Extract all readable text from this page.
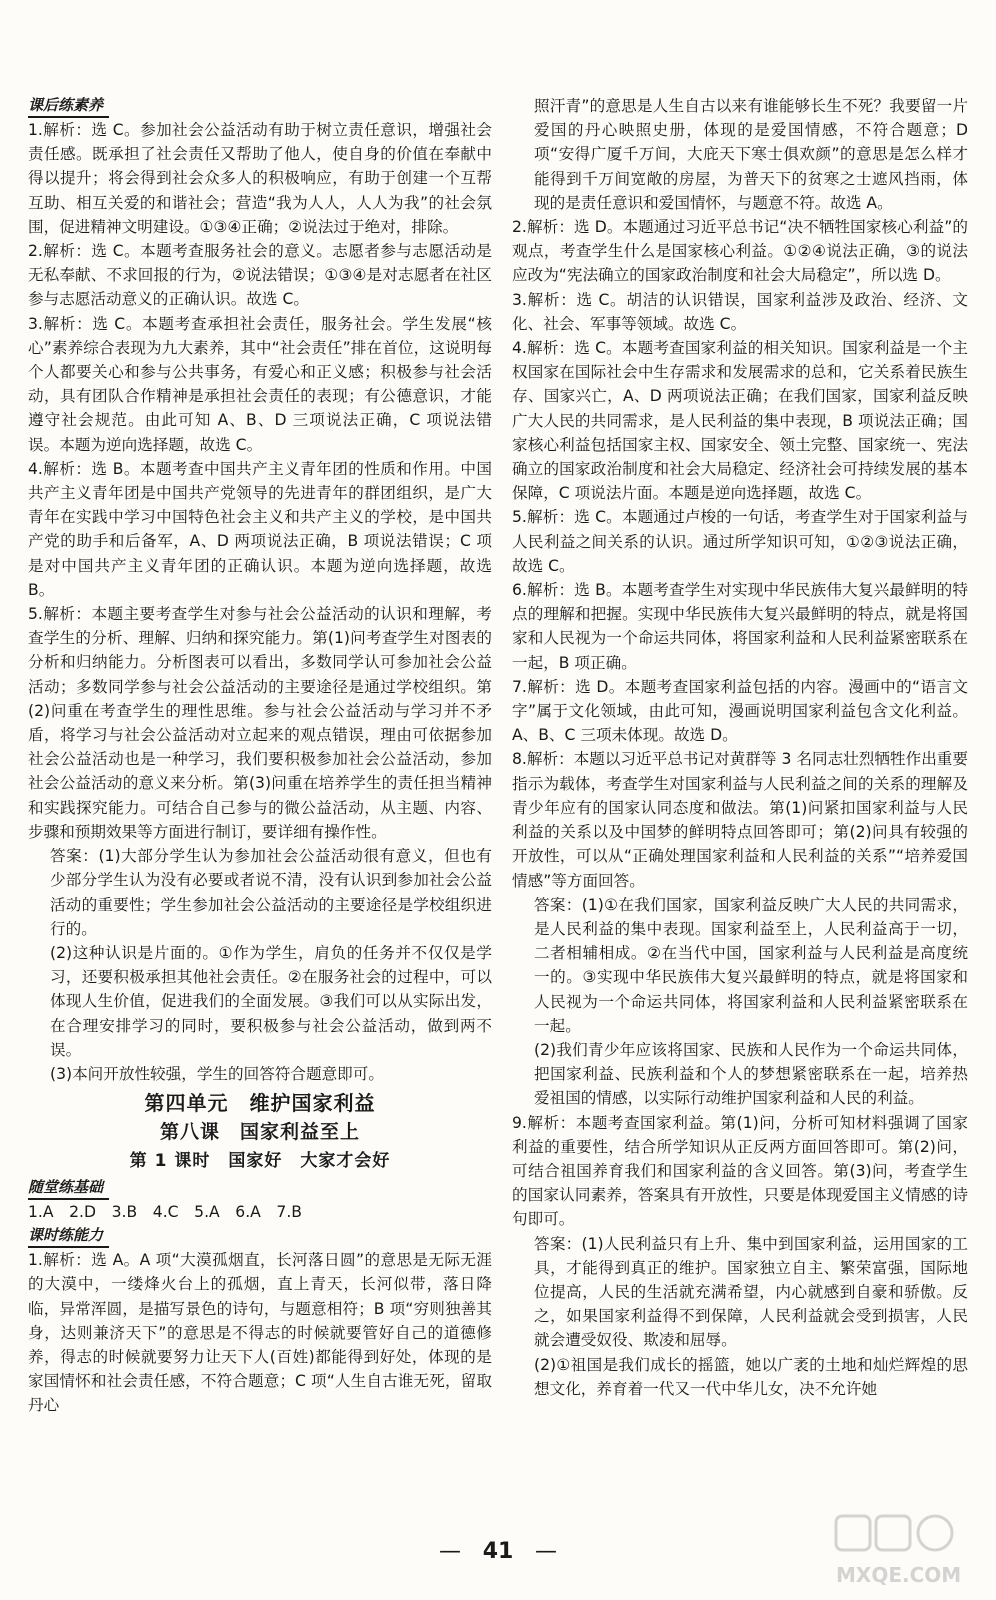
课后练素养

1.解析：选 C。参加社会公益活动有助于树立责任意识，增强社会责任感。既承担了社会责任又帮助了他人，使自身的价值在奉献中得以提升；将会得到社会众多人的积极响应，有助于创建一个互帮互助、相互关爱的和谐社会；营造“我为人人，人人为我”的社会氛围，促进精神文明建设。①③④正确；②说法过于绝对，排除。

2.解析：选 C。本题考查服务社会的意义。志愿者参与志愿活动是无私奉献、不求回报的行为，②说法错误；①③④是对志愿者在社区参与志愿活动意义的正确认识。故选 C。

3.解析：选 C。本题考查承担社会责任，服务社会。学生发展“核心”素养综合表现为九大素养，其中“社会责任”排在首位，这说明每个人都要关心和参与公共事务，有爱心和正义感；积极参与社会活动，具有团队合作精神是承担社会责任的表现；有公德意识，才能遵守社会规范。由此可知 A、B、D 三项说法正确，C 项说法错误。本题为逆向选择题，故选 C。

4.解析：选 B。本题考查中国共产主义青年团的性质和作用。中国共产主义青年团是中国共产党领导的先进青年的群团组织，是广大青年在实践中学习中国特色社会主义和共产主义的学校，是中国共产党的助手和后备军，A、D 两项说法正确，B 项说法错误；C 项是对中国共产主义青年团的正确认识。本题为逆向选择题，故选 B。

5.解析：本题主要考查学生对参与社会公益活动的认识和理解，考查学生的分析、理解、归纳和探究能力。第(1)问考查学生对图表的分析和归纳能力。分析图表可以看出，多数同学认可参加社会公益活动；多数同学参与社会公益活动的主要途径是通过学校组织。第(2)问重在考查学生的理性思维。参与社会公益活动与学习并不矛盾，将学习与社会公益活动对立起来的观点错误，理由可依据参加社会公益活动也是一种学习，我们要积极参加社会公益活动，参加社会公益活动的意义来分析。第(3)问重在培养学生的责任担当精神和实践探究能力。可结合自己参与的微公益活动，从主题、内容、步骤和预期效果等方面进行制订，要详细有操作性。

答案：(1)大部分学生认为参加社会公益活动很有意义，但也有少部分学生认为没有必要或者说不清，没有认识到参加社会公益活动的重要性；学生参加社会公益活动的主要途径是学校组织进行的。

(2)这种认识是片面的。①作为学生，肩负的任务并不仅仅是学习，还要积极承担其他社会责任。②在服务社会的过程中，可以体现人生价值，促进我们的全面发展。③我们可以从实际出发，在合理安排学习的同时，要积极参与社会公益活动，做到两不误。

(3)本问开放性较强，学生的回答符合题意即可。

第四单元　维护国家利益

第八课　国家利益至上

第 1 课时　国家好　大家才会好

随堂练基础

1.A　2.D　3.B　4.C　5.A　6.A　7.B

课时练能力

1.解析：选 A。A 项“大漠孤烟直，长河落日圆”的意思是无际无涯的大漠中，一缕烽火台上的孤烟，直上青天，长河似带，落日降临，异常浑圆，是描写景色的诗句，与题意相符；B 项“穷则独善其身，达则兼济天下”的意思是不得志的时候就要管好自己的道德修养，得志的时候就要努力让天下人(百姓)都能得到好处，体现的是家国情怀和社会责任感，不符合题意；C 项“人生自古谁无死，留取丹心

照汗青”的意思是人生自古以来有谁能够长生不死？我要留一片爱国的丹心映照史册，体现的是爱国情感，不符合题意；D 项“安得广厦千万间，大庇天下寒士俱欢颜”的意思是怎么样才能得到千万间宽敞的房屋，为普天下的贫寒之士遮风挡雨，体现的是责任意识和爱国情怀，与题意不符。故选 A。

2.解析：选 D。本题通过习近平总书记“决不牺牲国家核心利益”的观点，考查学生什么是国家核心利益。①②④说法正确，③的说法应改为“宪法确立的国家政治制度和社会大局稳定”，所以选 D。

3.解析：选 C。胡洁的认识错误，国家利益涉及政治、经济、文化、社会、军事等领域。故选 C。

4.解析：选 C。本题考查国家利益的相关知识。国家利益是一个主权国家在国际社会中生存需求和发展需求的总和，它关系着民族生存、国家兴亡，A、D 两项说法正确；在我们国家，国家利益反映广大人民的共同需求，是人民利益的集中表现，B 项说法正确；国家核心利益包括国家主权、国家安全、领土完整、国家统一、宪法确立的国家政治制度和社会大局稳定、经济社会可持续发展的基本保障，C 项说法片面。本题是逆向选择题，故选 C。

5.解析：选 C。本题通过卢梭的一句话，考查学生对于国家利益与人民利益之间关系的认识。通过所学知识可知，①②③说法正确，故选 C。

6.解析：选 B。本题考查学生对实现中华民族伟大复兴最鲜明的特点的理解和把握。实现中华民族伟大复兴最鲜明的特点，就是将国家和人民视为一个命运共同体，将国家利益和人民利益紧密联系在一起，B 项正确。

7.解析：选 D。本题考查国家利益包括的内容。漫画中的“语言文字”属于文化领域，由此可知，漫画说明国家利益包含文化利益。A、B、C 三项未体现。故选 D。

8.解析：本题以习近平总书记对黄群等 3 名同志壮烈牺牲作出重要指示为载体，考查学生对国家利益与人民利益之间的关系的理解及青少年应有的国家认同态度和做法。第(1)问紧扣国家利益与人民利益的关系以及中国梦的鲜明特点回答即可；第(2)问具有较强的开放性，可以从“正确处理国家利益和人民利益的关系”“培养爱国情感”等方面回答。

答案：(1)①在我们国家，国家利益反映广大人民的共同需求，是人民利益的集中表现。国家利益至上，人民利益高于一切，二者相辅相成。②在当代中国，国家利益与人民利益是高度统一的。③实现中华民族伟大复兴最鲜明的特点，就是将国家和人民视为一个命运共同体，将国家利益和人民利益紧密联系在一起。

(2)我们青少年应该将国家、民族和人民作为一个命运共同体，把国家利益、民族利益和个人的梦想紧密联系在一起，培养热爱祖国的情感，以实际行动维护国家利益和人民的利益。

9.解析：本题考查国家利益。第(1)问，分析可知材料强调了国家利益的重要性，结合所学知识从正反两方面回答即可。第(2)问，可结合祖国养育我们和国家利益的含义回答。第(3)问，考查学生的国家认同素养，答案具有开放性，只要是体现爱国主义情感的诗句即可。

答案：(1)人民利益只有上升、集中到国家利益，运用国家的工具，才能得到真正的维护。国家独立自主、繁荣富强，国际地位提高，人民的生活就充满希望，内心就感到自豪和骄傲。反之，如果国家利益得不到保障，人民利益就会受到损害，人民就会遭受奴役、欺凌和屈辱。

(2)①祖国是我们成长的摇篮，她以广袤的土地和灿烂辉煌的思想文化，养育着一代又一代中华儿女，决不允许她

— 41 —
MXQE.COM
